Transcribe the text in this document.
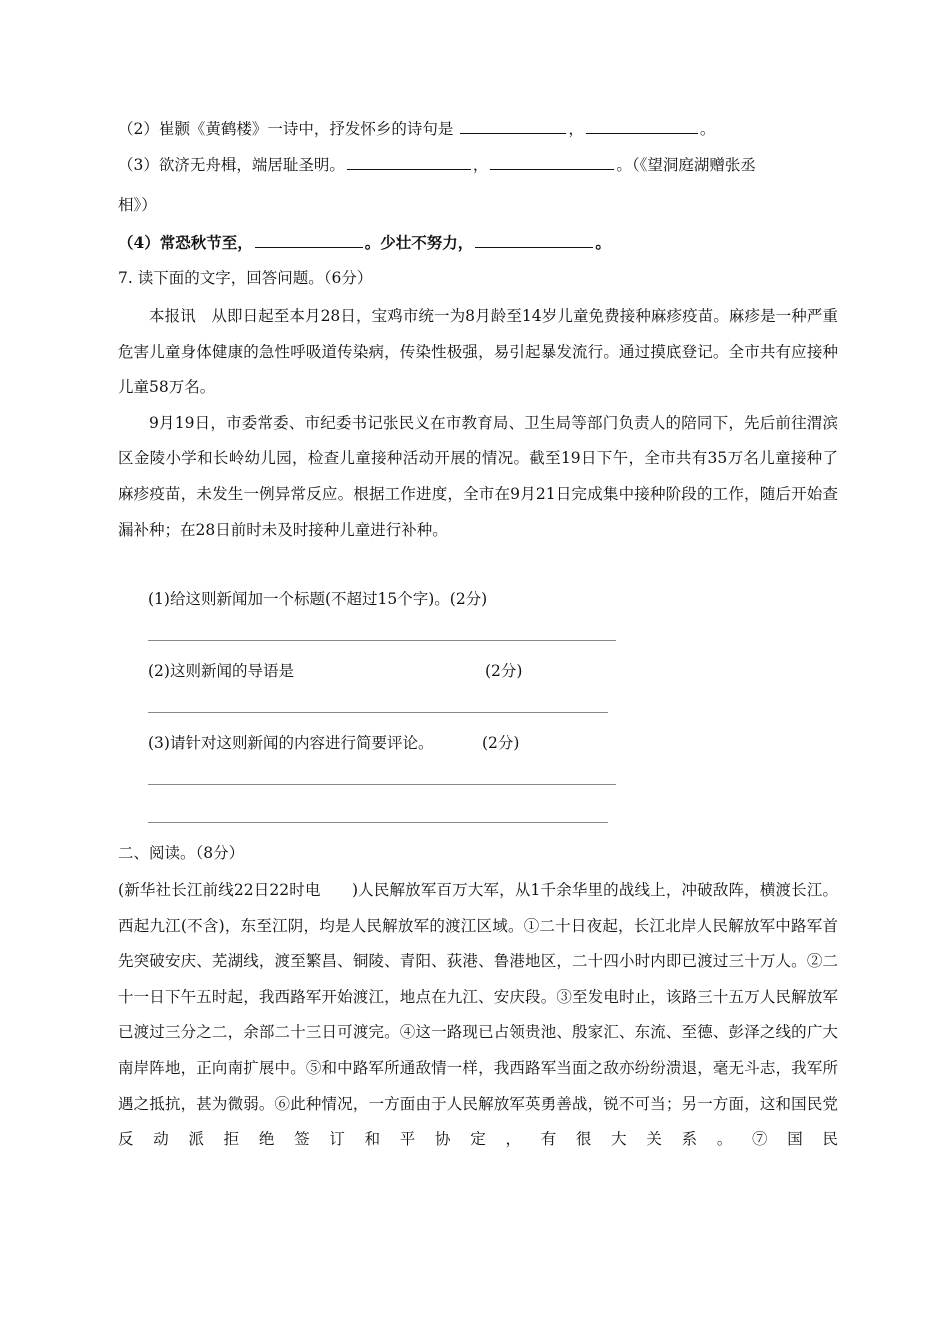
（2）崔颢《黄鹤楼》一诗中，抒发怀乡的诗句是	，	。
（3）欲济无舟楫，端居耻圣明。	，	。（《望洞庭湖赠张丞
相》）
（4）常恐秋节至，	。少壮不努力，	。
7. 读下面的文字，回答问题。（6分）

本报讯　从即日起至本月28日，宝鸡市统一为8月龄至14岁儿童免费接种麻疹疫苗。麻疹是一种严重危害儿童身体健康的急性呼吸道传染病，传染性极强，易引起暴发流行。通过摸底登记。全市共有应接种儿童58万名。

9月19日，市委常委、市纪委书记张民义在市教育局、卫生局等部门负责人的陪同下，先后前往渭滨区金陵小学和长岭幼儿园，检查儿童接种活动开展的情况。截至19日下午，全市共有35万名儿童接种了麻疹疫苗，未发生一例异常反应。根据工作进度，全市在9月21日完成集中接种阶段的工作，随后开始查漏补种；在28日前时未及时接种儿童进行补种。

(1)给这则新闻加一个标题(不超过15个字)。(2分)
(2)这则新闻的导语是	(2分)
(3)请针对这则新闻的内容进行简要评论。	(2分)
二、阅读。（8分）

(新华社长江前线22日22时电　　)人民解放军百万大军，从1千余华里的战线上，冲破敌阵，横渡长江。西起九江(不含)，东至江阴，均是人民解放军的渡江区域。①二十日夜起，长江北岸人民解放军中路军首先突破安庆、芜湖线，渡至繁昌、铜陵、青阳、荻港、鲁港地区，二十四小时内即已渡过三十万人。②二十一日下午五时起，我西路军开始渡江，地点在九江、安庆段。③至发电时止，该路三十五万人民解放军已渡过三分之二，余部二十三日可渡完。④这一路现已占领贵池、殷家汇、东流、至德、彭泽之线的广大南岸阵地，正向南扩展中。⑤和中路军所通敌情一样，我西路军当面之敌亦纷纷溃退，毫无斗志，我军所遇之抵抗，甚为微弱。⑥此种情况，一方面由于人民解放军英勇善战，锐不可当；另一方面，这和国民党反动派拒绝签订和平协定，有很大关系。⑦国民
